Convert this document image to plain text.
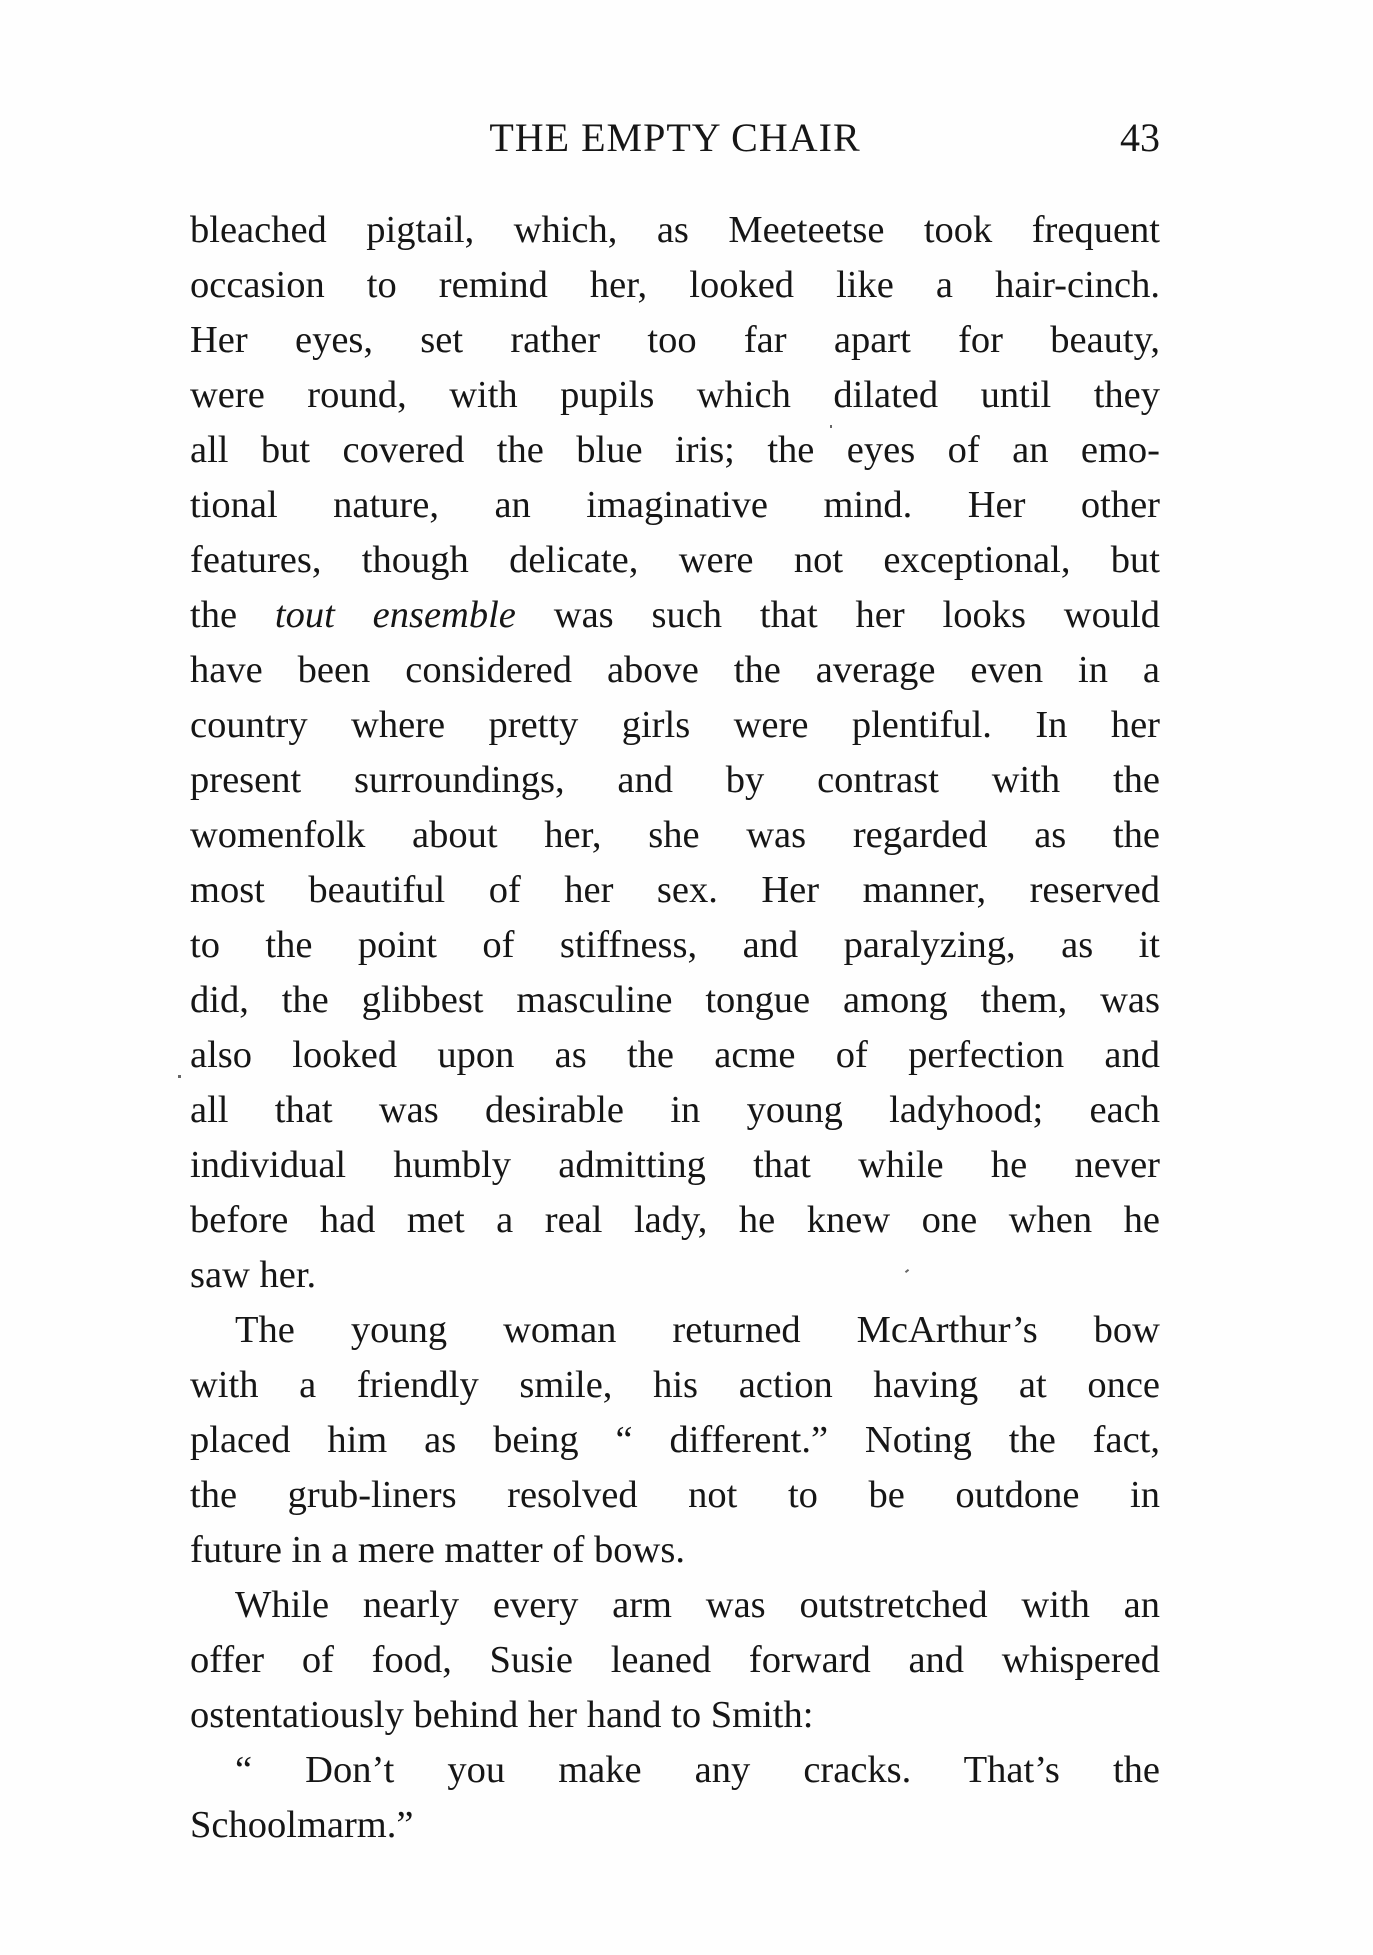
THE EMPTY CHAIR	43
bleached pigtail, which, as Meeteetse took frequent
occasion to remind her, looked like a hair-cinch.
Her eyes, set rather too far apart for beauty,
were round, with pupils which dilated until they
all but covered the blue iris; the eyes of an emo-
tional nature, an imaginative mind. Her other
features, though delicate, were not exceptional, but
the tout ensemble was such that her looks would
have been considered above the average even in a
country where pretty girls were plentiful. In her
present surroundings, and by contrast with the
womenfolk about her, she was regarded as the
most beautiful of her sex. Her manner, reserved
to the point of stiffness, and paralyzing, as it
did, the glibbest masculine tongue among them, was
also looked upon as the acme of perfection and
all that was desirable in young ladyhood; each
individual humbly admitting that while he never
before had met a real lady, he knew one when he
saw her.
The young woman returned McArthur’s bow
with a friendly smile, his action having at once
placed him as being “ different.” Noting the fact,
the grub-liners resolved not to be outdone in
future in a mere matter of bows.
While nearly every arm was outstretched with an
offer of food, Susie leaned forward and whispered
ostentatiously behind her hand to Smith:
“ Don’t you make any cracks. That’s the
Schoolmarm.”
